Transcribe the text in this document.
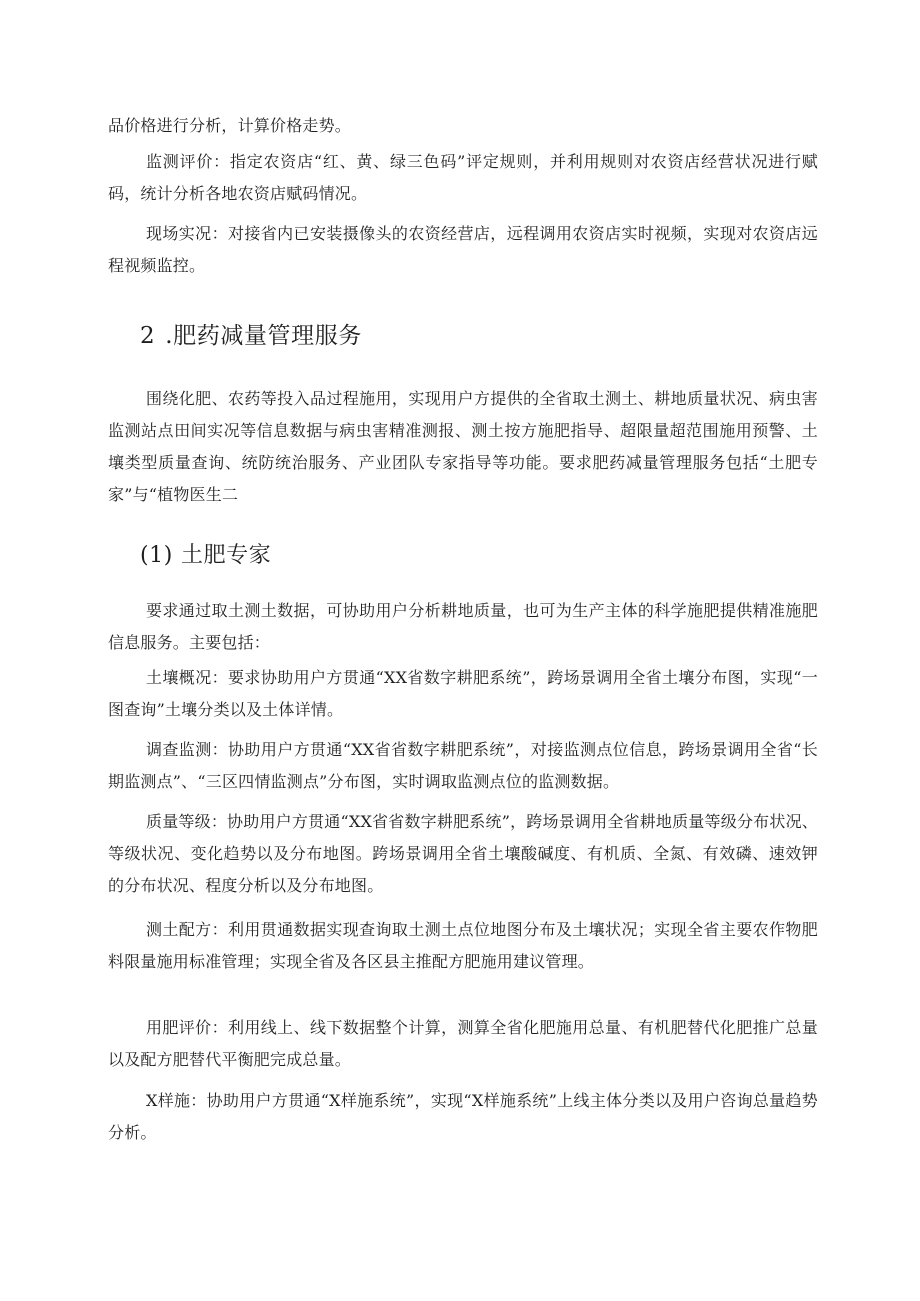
品价格进行分析，计算价格走势。

监测评价：指定农资店“红、黄、绿三色码”评定规则，并利用规则对农资店经营状况进行赋码，统计分析各地农资店赋码情况。

现场实况：对接省内已安装摄像头的农资经营店，远程调用农资店实时视频，实现对农资店远程视频监控。

2 .肥药减量管理服务

围绕化肥、农药等投入品过程施用，实现用户方提供的全省取土测土、耕地质量状况、病虫害监测站点田间实况等信息数据与病虫害精准测报、测土按方施肥指导、超限量超范围施用预警、土壤类型质量查询、统防统治服务、产业团队专家指导等功能。要求肥药减量管理服务包括“土肥专家”与“植物医生二

(1) 土肥专家

要求通过取土测土数据，可协助用户分析耕地质量，也可为生产主体的科学施肥提供精准施肥信息服务。主要包括：

土壤概况：要求协助用户方贯通“XX省数字耕肥系统”，跨场景调用全省土壤分布图，实现“一图查询”土壤分类以及土体详情。

调查监测：协助用户方贯通“XX省省数字耕肥系统”，对接监测点位信息，跨场景调用全省“长期监测点”、“三区四情监测点”分布图，实时调取监测点位的监测数据。

质量等级：协助用户方贯通“XX省省数字耕肥系统”，跨场景调用全省耕地质量等级分布状况、等级状况、变化趋势以及分布地图。跨场景调用全省土壤酸碱度、有机质、全氮、有效磷、速效钾的分布状况、程度分析以及分布地图。

测土配方：利用贯通数据实现查询取土测土点位地图分布及土壤状况；实现全省主要农作物肥料限量施用标准管理；实现全省及各区县主推配方肥施用建议管理。

用肥评价：利用线上、线下数据整个计算，测算全省化肥施用总量、有机肥替代化肥推广总量以及配方肥替代平衡肥完成总量。

X样施：协助用户方贯通“X样施系统”，实现“X样施系统”上线主体分类以及用户咨询总量趋势分析。
